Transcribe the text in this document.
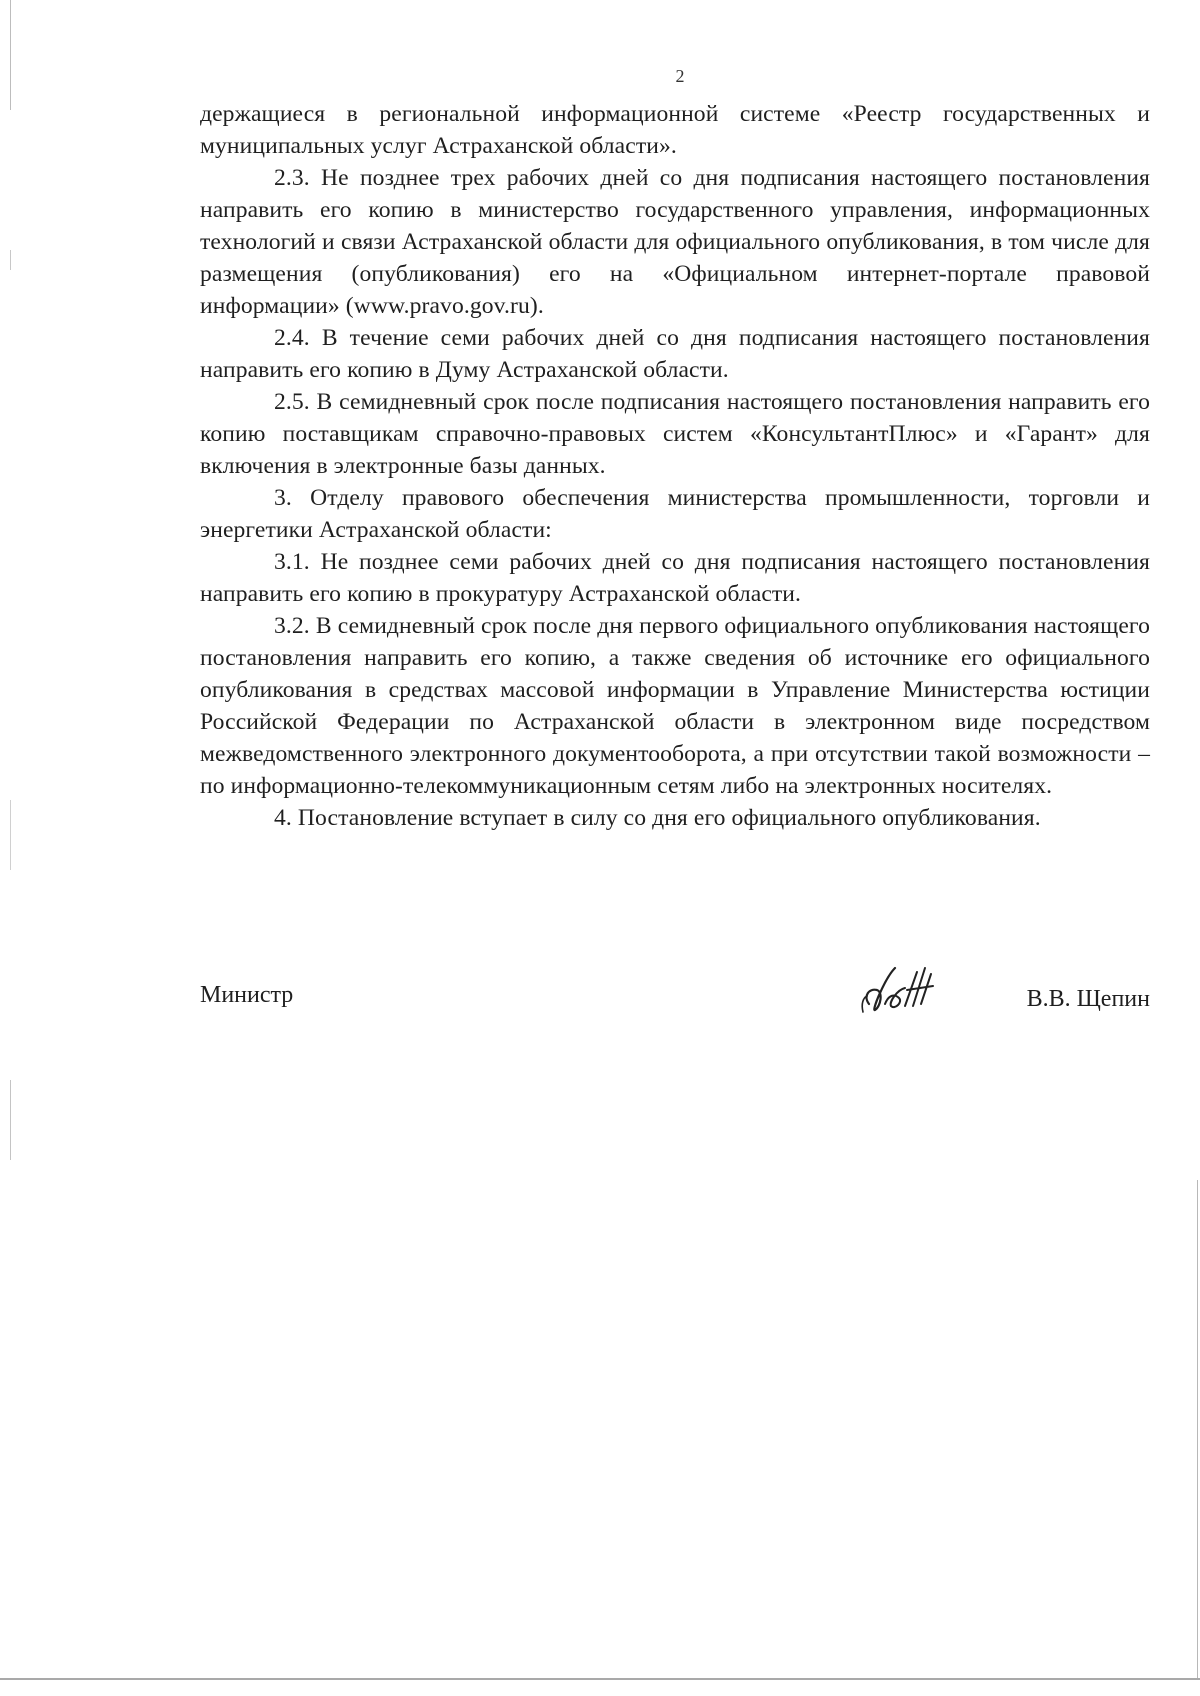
2

держащиеся в региональной информационной системе «Реестр государственных и муниципальных услуг Астраханской области».

2.3. Не позднее трех рабочих дней со дня подписания настоящего постановления направить его копию в министерство государственного управления, информационных технологий и связи Астраханской области для официального опубликования, в том числе для размещения (опубликования) его на «Официальном интернет-портале правовой информации» (www.pravo.gov.ru).

2.4. В течение семи рабочих дней со дня подписания настоящего постановления направить его копию в Думу Астраханской области.

2.5. В семидневный срок после подписания настоящего постановления направить его копию поставщикам справочно-правовых систем «КонсультантПлюс» и «Гарант» для включения в электронные базы данных.

3. Отделу правового обеспечения министерства промышленности, торговли и энергетики Астраханской области:

3.1. Не позднее семи рабочих дней со дня подписания настоящего постановления направить его копию в прокуратуру Астраханской области.

3.2. В семидневный срок после дня первого официального опубликования настоящего постановления направить его копию, а также сведения об источнике его официального опубликования в средствах массовой информации в Управление Министерства юстиции Российской Федерации по Астраханской области в электронном виде посредством межведомственного электронного документооборота, а при отсутствии такой возможности – по информационно-телекоммуникационным сетям либо на электронных носителях.

4. Постановление вступает в силу со дня его официального опубликования.

Министр	В.В. Щепин
